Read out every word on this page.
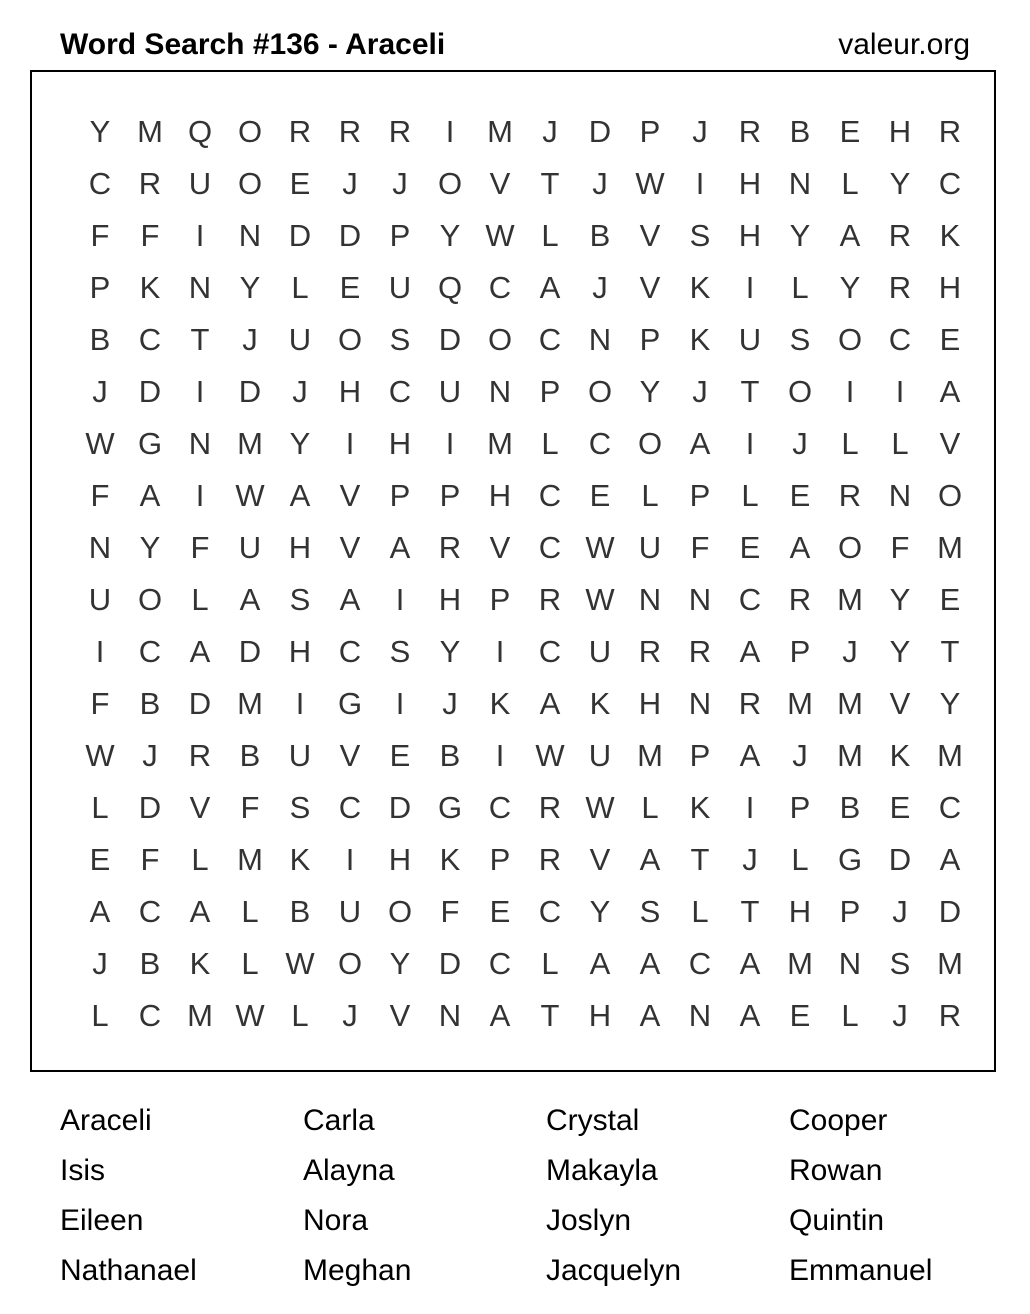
Word Search #136 - Araceli	valeur.org
Y M Q O R R R	I	M J	D P	J	R B E H R
C R U O E	J	J O V T	J W	I	H N L	Y C
F	F	I	N D D P Y W L	B V S H Y A R K
P K N Y	L	E U Q C A	J	V K	I	L	Y R H
B C T	J	U O S D O C N P K U S O C E
J	D	I	D	J	H C U N P O Y	J	T O	I	I	A
W G N M Y	I	H	I	M L C O A	I	J	L	L	V
F A	I	W A V P P H C E	L	P	L	E R N O
N Y F U H V A R V C W U F E A O F M
U O L	A S A	I	H P R W N N C R M Y E
I	C A D H C S Y	I	C U R R A P	J	Y T
F B D M	I	G	I	J	K A K H N R M M V Y
W J	R B U V E B	I	W U M P A	J M K M
L D V F S C D G C R W L	K	I	P B E C
E F	L M K	I	H K P R V A T	J	L G D A
A C A	L	B U O F E C Y S	L	T H P	J	D
J	B K	L W O Y D C L	A A C A M N S M
L C M W L	J	V N A T H A N A E	L	J	R
Araceli	Carla	Crystal	Cooper
Isis	Alayna	Makayla	Rowan
Eileen	Nora	Joslyn	Quintin
Nathanael	Meghan	Jacquelyn	Emmanuel
